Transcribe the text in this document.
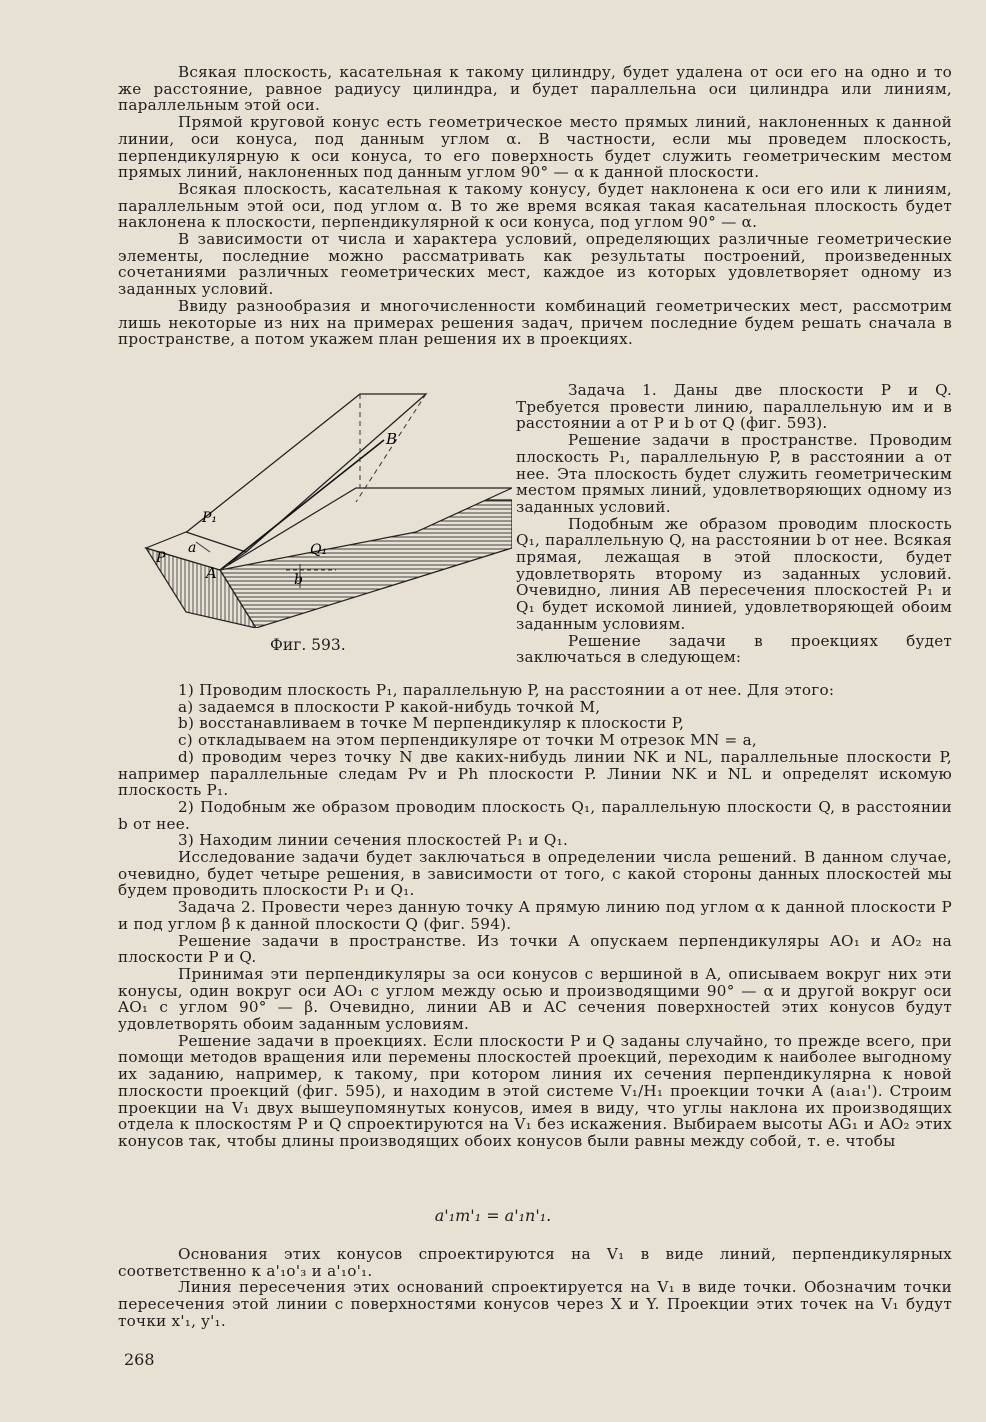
Всякая плоскость, касательная к такому цилиндру, будет удалена от оси его на одно и то же расстояние, равное радиусу цилиндра, и будет параллельна оси цилиндра или линиям, параллельным этой оси.

Прямой круговой конус есть геометрическое место прямых линий, наклоненных к данной линии, оси конуса, под данным углом α. В частности, если мы проведем плоскость, перпендикулярную к оси конуса, то его поверхность будет служить геометрическим местом прямых линий, наклоненных под данным углом 90° — α к данной плоскости.

Всякая плоскость, касательная к такому конусу, будет наклонена к оси его или к линиям, параллельным этой оси, под углом α. В то же время всякая такая касательная плоскость будет наклонена к плоскости, перпендикулярной к оси конуса, под углом 90° — α.

В зависимости от числа и характера условий, определяющих различные геометрические элементы, последние можно рассматривать как результаты построений, произведенных сочетаниями различных геометрических мест, каждое из которых удовлетворяет одному из заданных условий.

Ввиду разнообразия и многочисленности комбинаций геометрических мест, рассмотрим лишь некоторые из них на примерах решения задач, причем последние будем решать сначала в пространстве, а потом укажем план решения их в проекциях.

B
P₁
a
P	Q₁
A	b
Фиг. 593.

Задача 1. Даны две плоскости P и Q. Требуется провести линию, параллельную им и в расстоянии a от P и b от Q (фиг. 593).

Решение задачи в пространстве. Проводим плоскость P₁, параллельную P, в расстоянии a от нее. Эта плоскость будет служить геометрическим местом прямых линий, удовлетворяющих одному из заданных условий.

Подобным же образом проводим плоскость Q₁, параллельную Q, на расстоянии b от нее. Всякая прямая, лежащая в этой плоскости, будет удовлетворять второму из заданных условий. Очевидно, линия AB пересечения плоскостей P₁ и Q₁ будет искомой линией, удовлетворяющей обоим заданным условиям.

Решение задачи в проекциях будет заключаться в следующем:

1) Проводим плоскость P₁, параллельную P, на расстоянии a от нее. Для этого:

a) задаемся в плоскости P какой-нибудь точкой M,

b) восстанавливаем в точке M перпендикуляр к плоскости P,

c) откладываем на этом перпендикуляре от точки M отрезок MN = a,

d) проводим через точку N две каких-нибудь линии NK и NL, параллельные плоскости P, например параллельные следам Pv и Ph плоскости P. Линии NK и NL и определят искомую плоскость P₁.

2) Подобным же образом проводим плоскость Q₁, параллельную плоскости Q, в расстоянии b от нее.

3) Находим линии сечения плоскостей P₁ и Q₁.

Исследование задачи будет заключаться в определении числа решений. В данном случае, очевидно, будет четыре решения, в зависимости от того, с какой стороны данных плоскостей мы будем проводить плоскости P₁ и Q₁.

Задача 2. Провести через данную точку A прямую линию под углом α к данной плоскости P и под углом β к данной плоскости Q (фиг. 594).

Решение задачи в пространстве. Из точки A опускаем перпендикуляры AO₁ и AO₂ на плоскости P и Q.

Принимая эти перпендикуляры за оси конусов с вершиной в A, описываем вокруг них эти конусы, один вокруг оси AO₁ с углом между осью и производящими 90° — α и другой вокруг оси AO₁ с углом 90° — β. Очевидно, линии AB и AC сечения поверхностей этих конусов будут удовлетворять обоим заданным условиям.

Решение задачи в проекциях. Если плоскости P и Q заданы случайно, то прежде всего, при помощи методов вращения или перемены плоскостей проекций, переходим к наиболее выгодному их заданию, например, к такому, при котором линия их сечения перпендикулярна к новой плоскости проекций (фиг. 595), и находим в этой системе V₁/H₁ проекции точки A (a₁a₁'). Строим проекции на V₁ двух вышеупомянутых конусов, имея в виду, что углы наклона их производящих отдела к плоскостям P и Q спроектируются на V₁ без искажения. Выбираем высоты AG₁ и AO₂ этих конусов так, чтобы длины производящих обоих конусов были равны между собой, т. е. чтобы

a'₁m'₁ = a'₁n'₁.

Основания этих конусов спроектируются на V₁ в виде линий, перпендикулярных соответственно к a'₁o'₃ и a'₁o'₁.

Линия пересечения этих оснований спроектируется на V₁ в виде точки. Обозначим точки пересечения этой линии с поверхностями конусов через X и Y. Проекции этих точек на V₁ будут точки x'₁, y'₁.

268
